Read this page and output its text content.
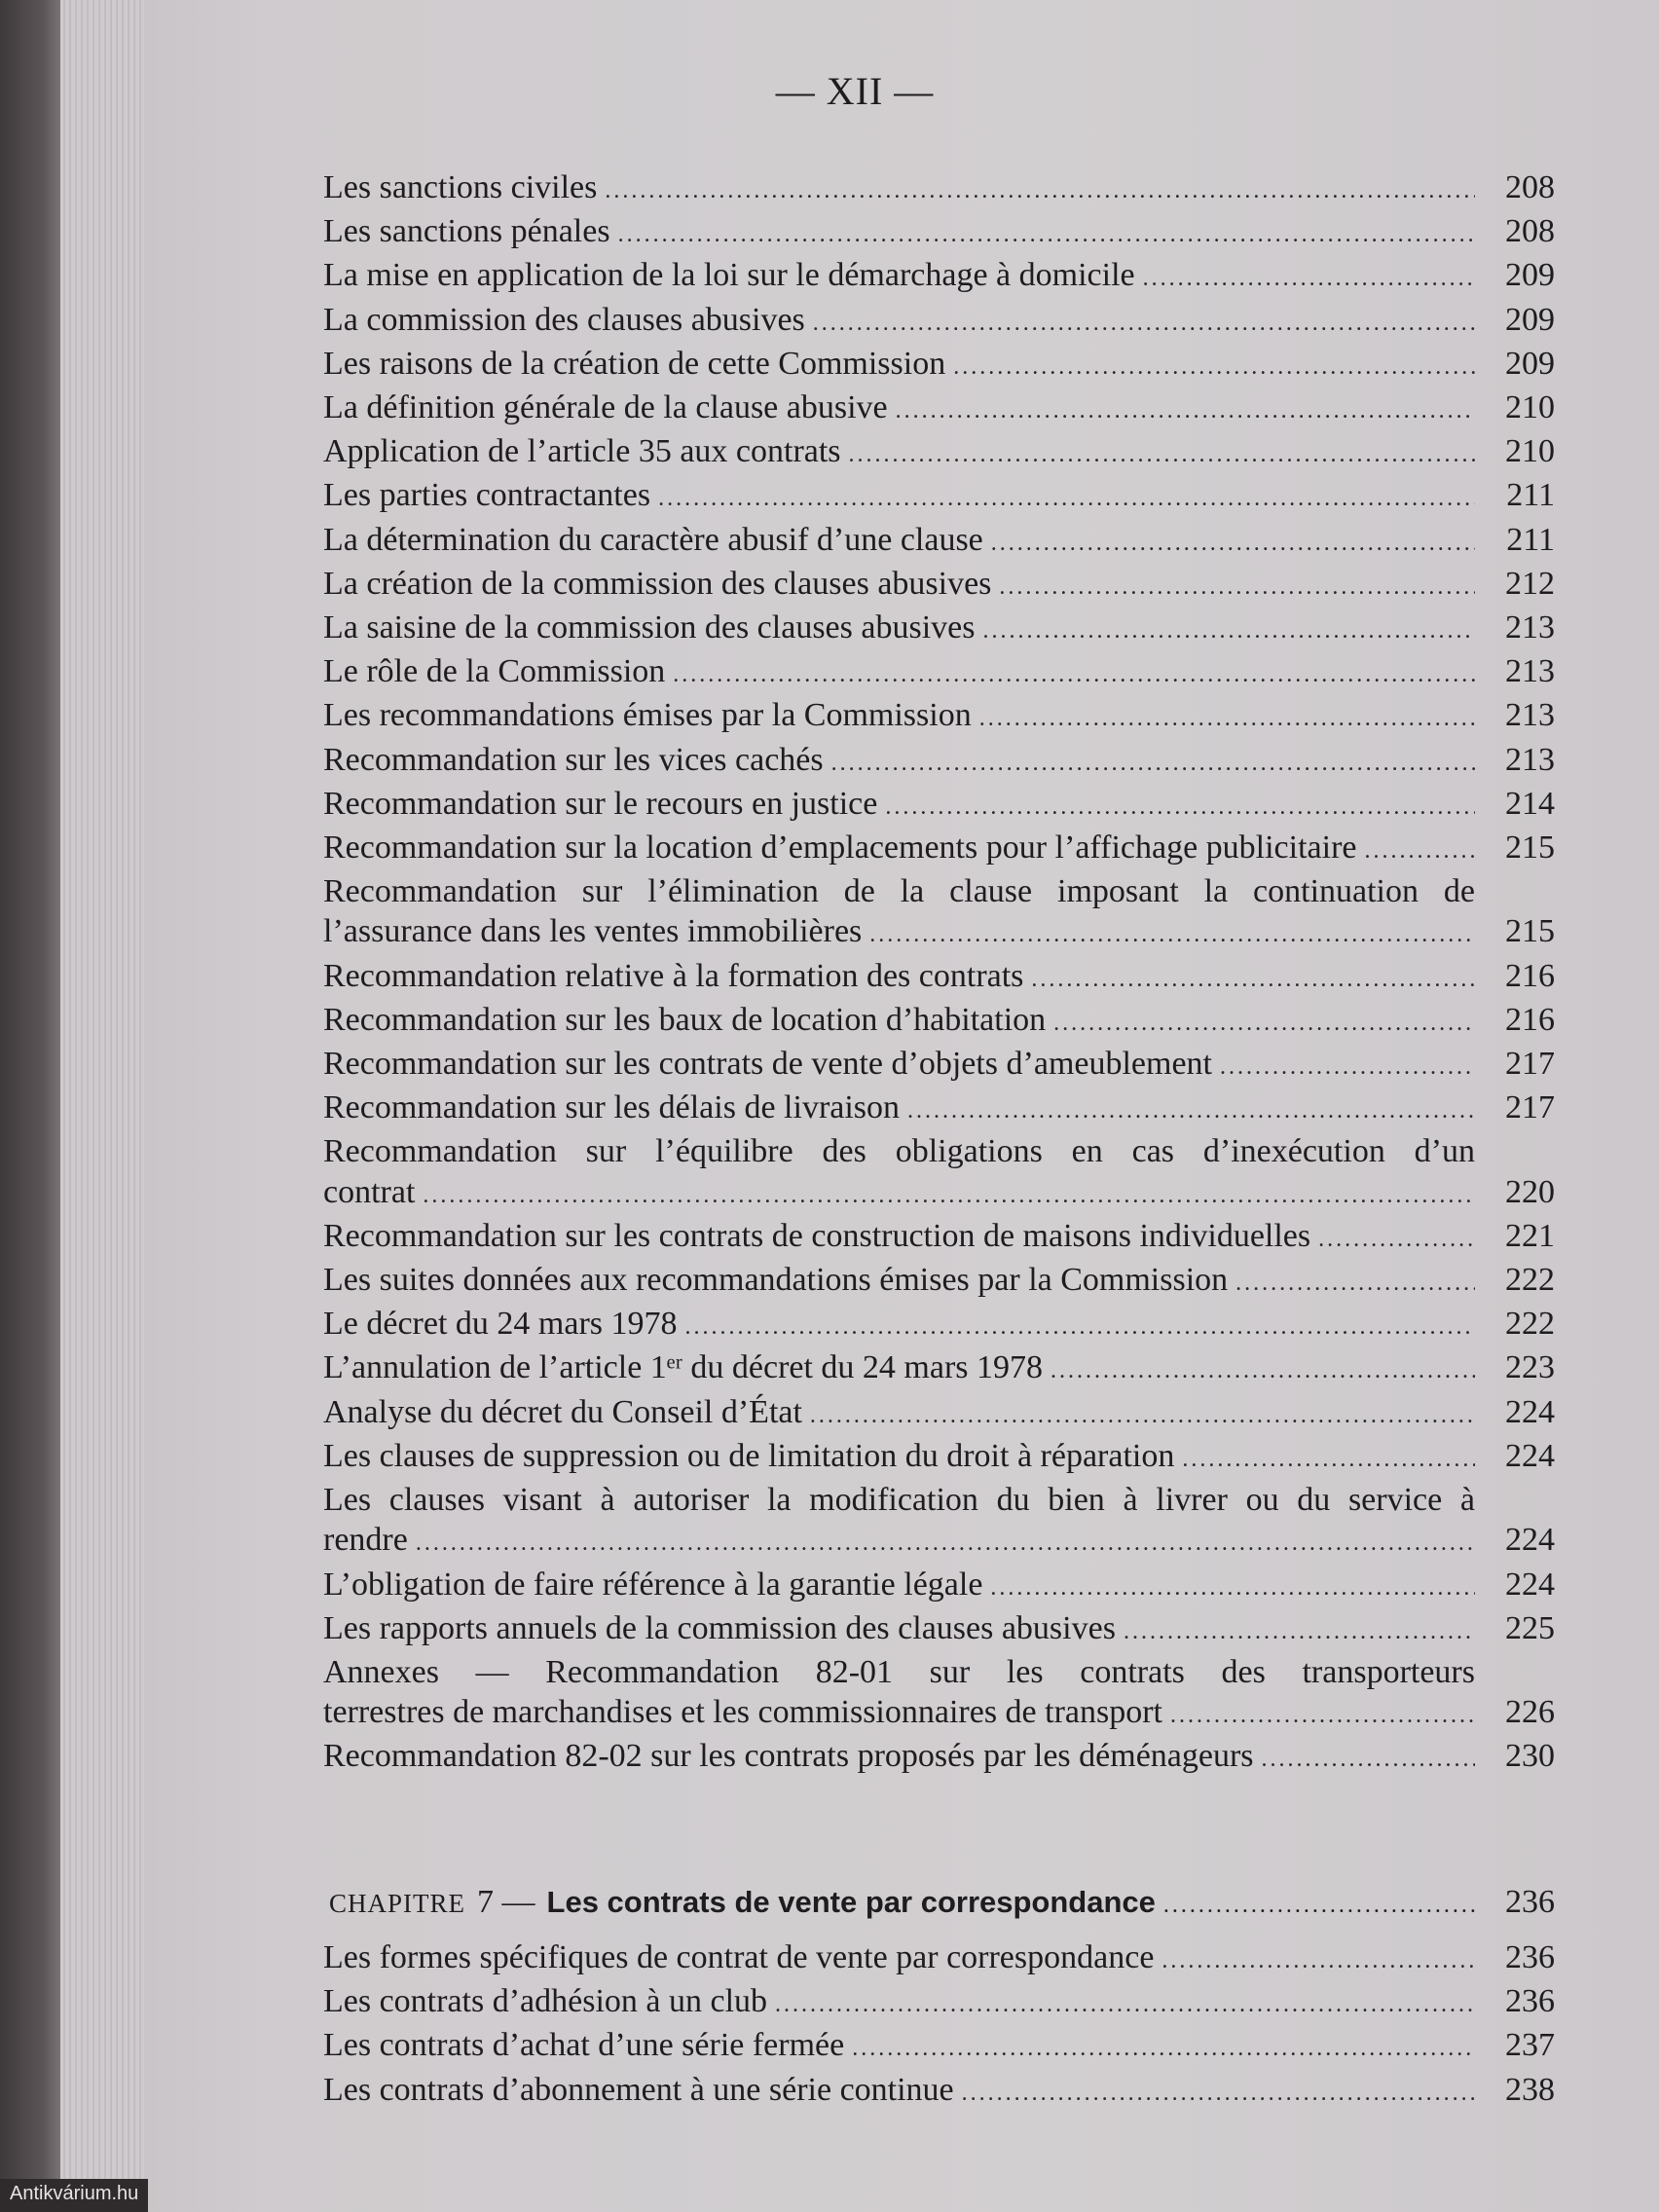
— XII —
Les sanctions civiles .....	208
Les sanctions pénales .....	208
La mise en application de la loi sur le démarchage à domicile .....	209
La commission des clauses abusives .....	209
Les raisons de la création de cette Commission .....	209
La définition générale de la clause abusive .....	210
Application de l’article 35 aux contrats .....	210
Les parties contractantes .....	211
La détermination du caractère abusif d’une clause .....	211
La création de la commission des clauses abusives .....	212
La saisine de la commission des clauses abusives .....	213
Le rôle de la Commission .....	213
Les recommandations émises par la Commission .....	213
Recommandation sur les vices cachés .....	213
Recommandation sur le recours en justice .....	214
Recommandation sur la location d’emplacements pour l’affichage publicitaire .....	215
Recommandation sur l’élimination de la clause imposant la continuation de
l’assurance dans les ventes immobilières .....	215
Recommandation relative à la formation des contrats .....	216
Recommandation sur les baux de location d’habitation .....	216
Recommandation sur les contrats de vente d’objets d’ameublement .....	217
Recommandation sur les délais de livraison .....	217
Recommandation sur l’équilibre des obligations en cas d’inexécution d’un
contrat .....	220
Recommandation sur les contrats de construction de maisons individuelles .....	221
Les suites données aux recommandations émises par la Commission .....	222
Le décret du 24 mars 1978 .....	222
L’annulation de l’article 1ᵉʳ du décret du 24 mars 1978 .....	223
Analyse du décret du Conseil d’État .....	224
Les clauses de suppression ou de limitation du droit à réparation .....	224
Les clauses visant à autoriser la modification du bien à livrer ou du service à
rendre .....	224
L’obligation de faire référence à la garantie légale .....	224
Les rapports annuels de la commission des clauses abusives .....	225
Annexes — Recommandation 82-01 sur les contrats des transporteurs
terrestres de marchandises et les commissionnaires de transport .....	226
Recommandation 82-02 sur les contrats proposés par les déménageurs .....	230
CHAPITRE 7 — Les contrats de vente par correspondance .....	236
Les formes spécifiques de contrat de vente par correspondance .....	236
Les contrats d’adhésion à un club .....	236
Les contrats d’achat d’une série fermée .....	237
Les contrats d’abonnement à une série continue .....	238
Antikvárium.hu
